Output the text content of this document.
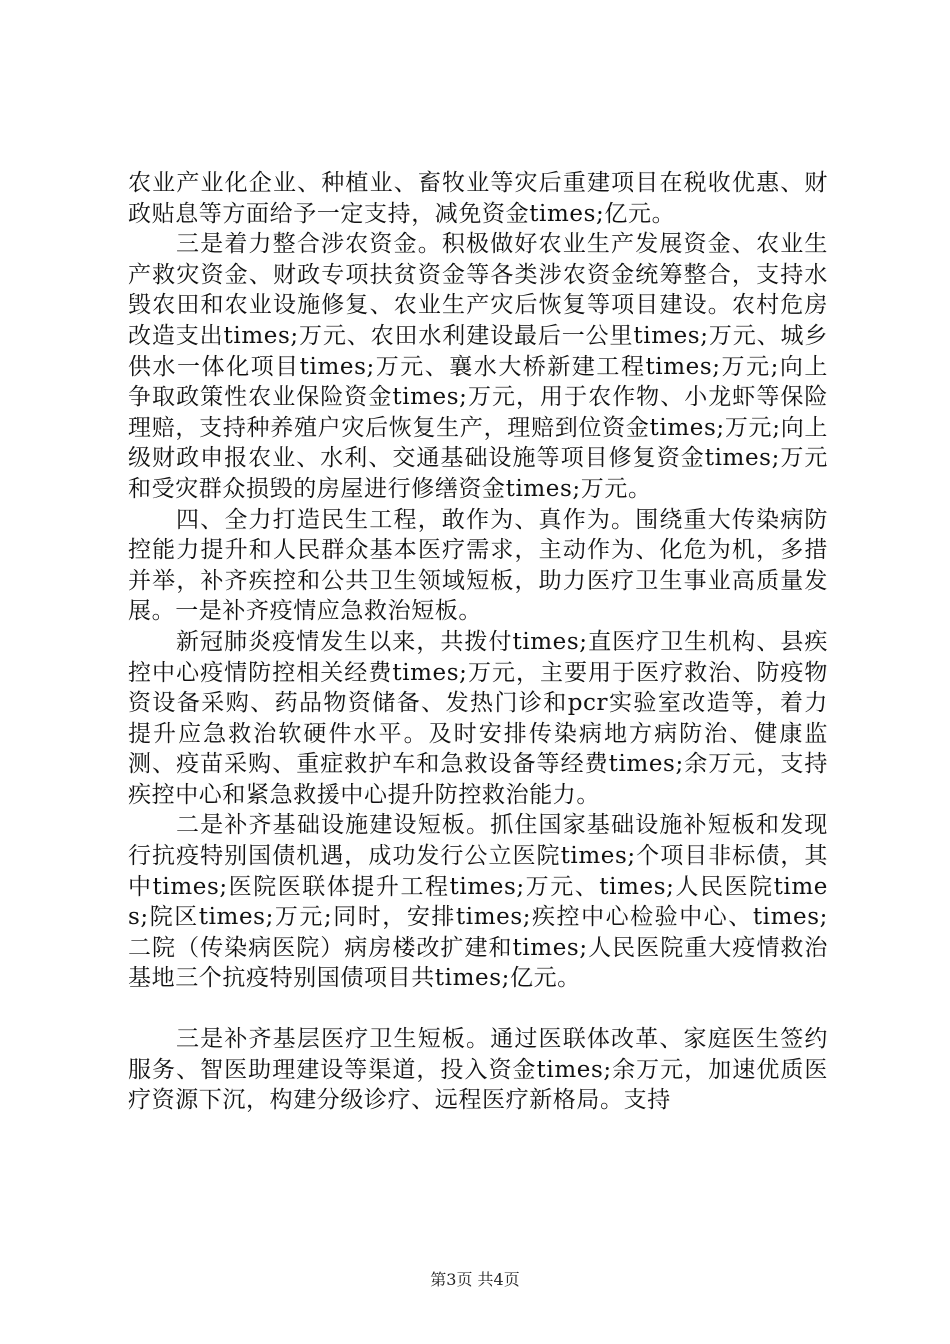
农业产业化企业、种植业、畜牧业等灾后重建项目在税收优惠、财政贴息等方面给予一定支持，减免资金times;亿元。

三是着力整合涉农资金。积极做好农业生产发展资金、农业生产救灾资金、财政专项扶贫资金等各类涉农资金统筹整合，支持水毁农田和农业设施修复、农业生产灾后恢复等项目建设。农村危房改造支出times;万元、农田水利建设最后一公里times;万元、城乡供水一体化项目times;万元、襄水大桥新建工程times;万元;向上争取政策性农业保险资金times;万元，用于农作物、小龙虾等保险理赔，支持种养殖户灾后恢复生产，理赔到位资金times;万元;向上级财政申报农业、水利、交通基础设施等项目修复资金times;万元和受灾群众损毁的房屋进行修缮资金times;万元。

四、全力打造民生工程，敢作为、真作为。围绕重大传染病防控能力提升和人民群众基本医疗需求，主动作为、化危为机，多措并举，补齐疾控和公共卫生领域短板，助力医疗卫生事业高质量发展。一是补齐疫情应急救治短板。

新冠肺炎疫情发生以来，共拨付times;直医疗卫生机构、县疾控中心疫情防控相关经费times;万元，主要用于医疗救治、防疫物资设备采购、药品物资储备、发热门诊和pcr实验室改造等，着力提升应急救治软硬件水平。及时安排传染病地方病防治、健康监测、疫苗采购、重症救护车和急救设备等经费times;余万元，支持疾控中心和紧急救援中心提升防控救治能力。

二是补齐基础设施建设短板。抓住国家基础设施补短板和发现行抗疫特别国债机遇，成功发行公立医院times;个项目非标债，其中times;医院医联体提升工程times;万元、times;人民医院times;院区times;万元;同时，安排times;疾控中心检验中心、times;二院（传染病医院）病房楼改扩建和times;人民医院重大疫情救治基地三个抗疫特别国债项目共times;亿元。

三是补齐基层医疗卫生短板。通过医联体改革、家庭医生签约服务、智医助理建设等渠道，投入资金times;余万元，加速优质医疗资源下沉，构建分级诊疗、远程医疗新格局。支持

第3页 共4页
